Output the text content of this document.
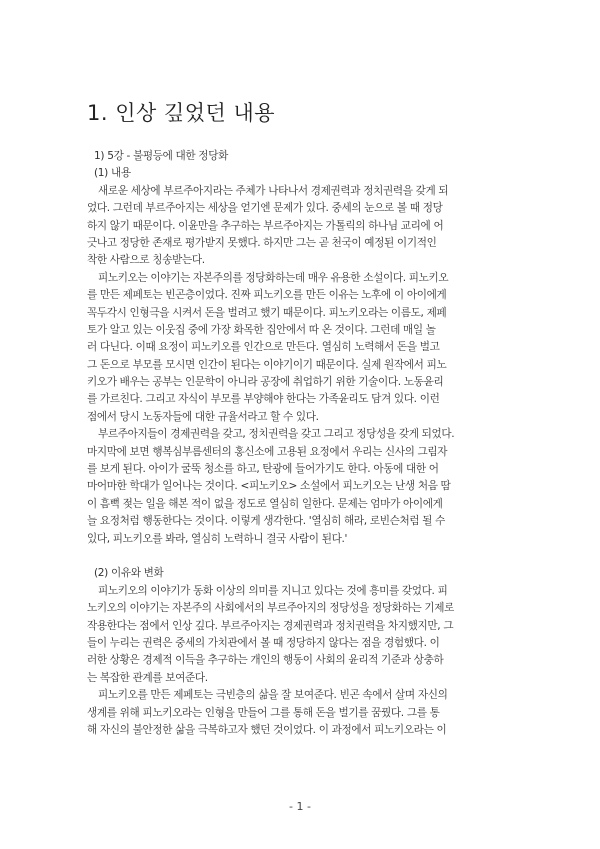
1. 인상 깊었던 내용
1) 5강 - 불평등에 대한 정당화
(1) 내용
새로운 세상에 부르주아지라는 주체가 나타나서 경제권력과 정치권력을 갖게 되
었다. 그런데 부르주아지는 세상을 얻기엔 문제가 있다. 중세의 눈으로 볼 때 정당
하지 않기 때문이다. 이윤만을 추구하는 부르주아지는 가톨릭의 하나님 교리에 어
긋나고 정당한 존재로 평가받지 못했다. 하지만 그는 곧 천국이 예정된 이기적인
착한 사람으로 칭송받는다.
피노키오는 이야기는 자본주의를 정당화하는데 매우 유용한 소설이다. 피노키오
를 만든 제페토는 빈곤층이었다. 진짜 피노키오를 만든 이유는 노후에 이 아이에게
꼭두각시 인형극을 시켜서 돈을 벌려고 했기 때문이다. 피노키오라는 이름도, 제페
토가 알고 있는 이웃집 중에 가장 화목한 집안에서 따 온 것이다. 그런데 매일 놀
러 다닌다. 이때 요정이 피노키오를 인간으로 만든다. 열심히 노력해서 돈을 벌고
그 돈으로 부모를 모시면 인간이 된다는 이야기이기 때문이다. 실제 원작에서 피노
키오가 배우는 공부는 인문학이 아니라 공장에 취업하기 위한 기술이다. 노동윤리
를 가르친다. 그리고 자식이 부모를 부양해야 한다는 가족윤리도 담겨 있다. 이런
점에서 당시 노동자들에 대한 규율서라고 할 수 있다.
부르주아지들이 경제권력을 갖고, 정치권력을 갖고 그리고 정당성을 갖게 되었다.
마지막에 보면 행복심부름센터의 홍신소에 고용된 요정에서 우리는 신사의 그림자
를 보게 된다. 아이가 굴뚝 청소를 하고, 탄광에 들어가기도 한다. 아동에 대한 어
마어마한 학대가 일어나는 것이다. <피노키오> 소설에서 피노키오는 난생 처음 땀
이 흠뻑 젖는 일을 해본 적이 없을 정도로 열심히 일한다. 문제는 엄마가 아이에게
늘 요정처럼 행동한다는 것이다. 이렇게 생각한다. '열심히 해라, 로빈슨처럼 될 수
있다, 피노키오를 봐라, 열심히 노력하니 결국 사람이 된다.'
(2) 이유와 변화
피노키오의 이야기가 동화 이상의 의미를 지니고 있다는 것에 흥미를 갖었다. 피
노키오의 이야기는 자본주의 사회에서의 부르주아지의 정당성을 정당화하는 기제로
작용한다는 점에서 인상 깊다. 부르주아지는 경제권력과 정치권력을 차지했지만, 그
들이 누리는 권력은 중세의 가치관에서 볼 때 정당하지 않다는 점을 경험했다. 이
러한 상황은 경제적 이득을 추구하는 개인의 행동이 사회의 윤리적 기준과 상충하
는 복잡한 관계를 보여준다.
피노키오를 만든 제페토는 극빈층의 삶을 잘 보여준다. 빈곤 속에서 살며 자신의
생계를 위해 피노키오라는 인형을 만들어 그를 통해 돈을 벌기를 꿈꿨다. 그를 통
해 자신의 불안정한 삶을 극복하고자 했던 것이었다. 이 과정에서 피노키오라는 이
- 1 -
